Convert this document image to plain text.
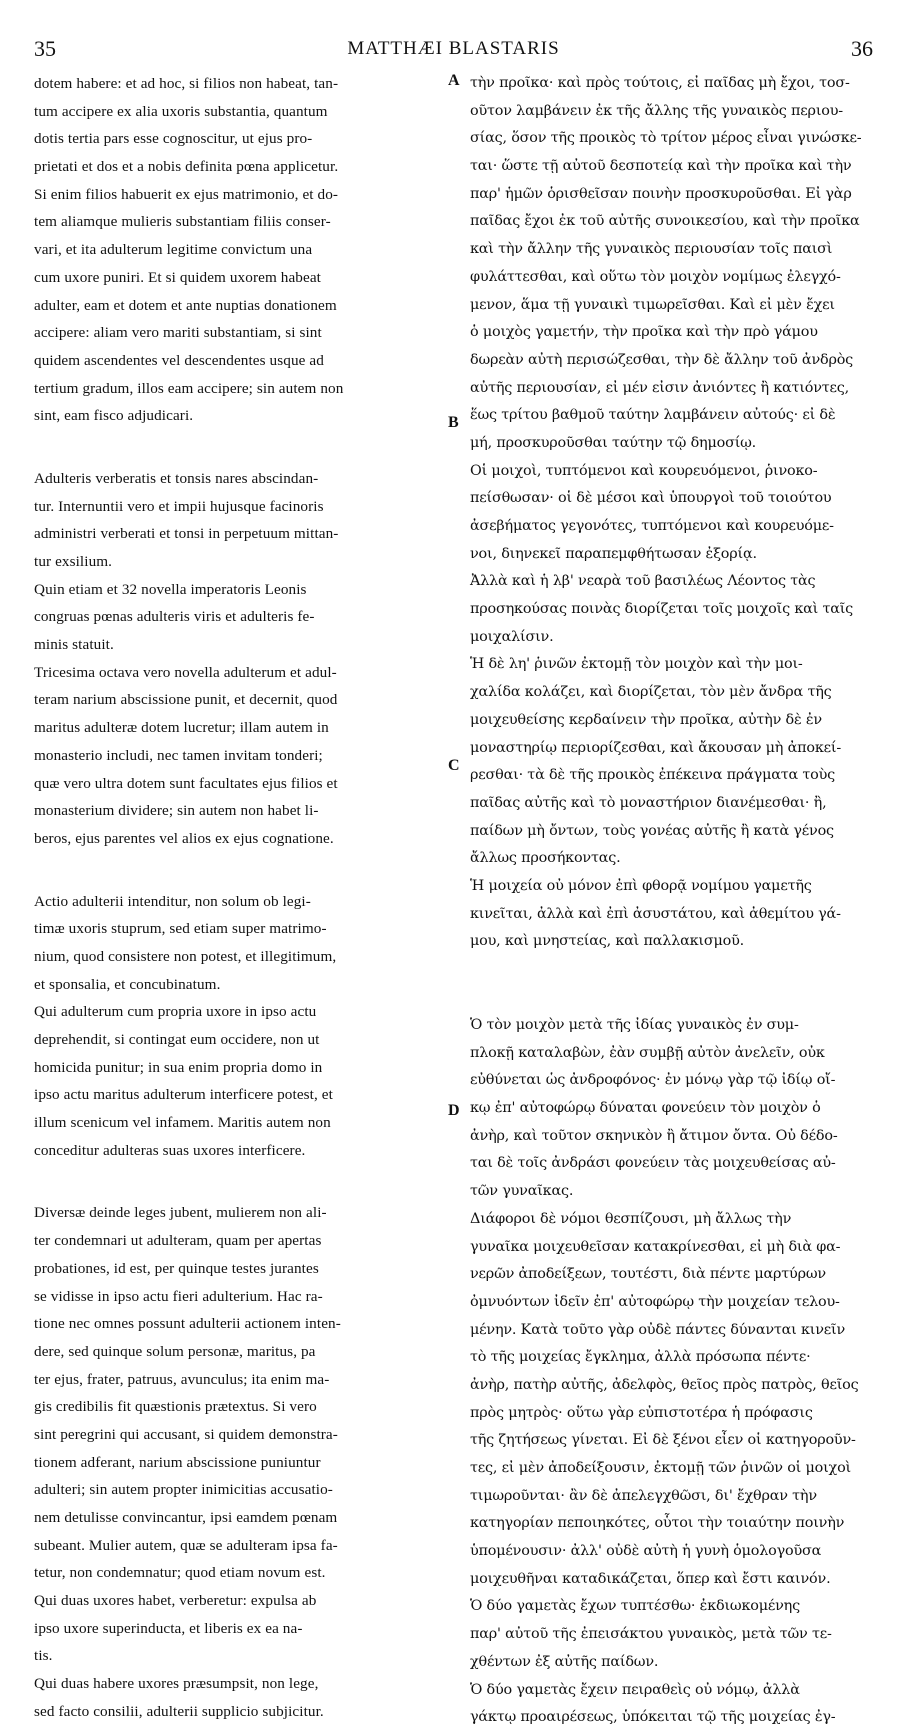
35	MATTHÆI BLASTARIS	36
dotem habere: et ad hoc, si filios non habeat, tan-
tum accipere ex alia uxoris substantia, quantum
dotis tertia pars esse cognoscitur, ut ejus pro-
prietati et dos et a nobis definita pœna applicetur.
Si enim filios habuerit ex ejus matrimonio, et do-
tem aliamque mulieris substantiam filiis conser-
vari, et ita adulterum legitime convictum una
cum uxore puniri. Et si quidem uxorem habeat
adulter, eam et dotem et ante nuptias donationem
accipere: aliam vero mariti substantiam, si sint
quidem ascendentes vel descendentes usque ad
tertium gradum, illos eam accipere; sin autem non
sint, eam fisco adjudicari.
Adulteris verberatis et tonsis nares abscindan-
tur. Internuntii vero et impii hujusque facinoris
administri verberati et tonsi in perpetuum mittan-
tur exsilium.
Quin etiam et 32 novella imperatoris Leonis
congruas pœnas adulteris viris et adulteris fe-
minis statuit.
Tricesima octava vero novella adulterum et adul-
teram narium abscissione punit, et decernit, quod
maritus adulteræ dotem lucretur; illam autem in
monasterio includi, nec tamen invitam tonderi;
quæ vero ultra dotem sunt facultates ejus filios et
monasterium dividere; sin autem non habet li-
beros, ejus parentes vel alios ex ejus cognatione.
Actio adulterii intenditur, non solum ob legi-
timæ uxoris stuprum, sed etiam super matrimo-
nium, quod consistere non potest, et illegitimum,
et sponsalia, et concubinatum.
Qui adulterum cum propria uxore in ipso actu
deprehendit, si contingat eum occidere, non ut
homicida punitur; in sua enim propria domo in
ipso actu maritus adulterum interficere potest, et
illum scenicum vel infamem. Maritis autem non
conceditur adulteras suas uxores interficere.
Diversæ deinde leges jubent, mulierem non ali-
ter condemnari ut adulteram, quam per apertas
probationes, id est, per quinque testes jurantes
se vidisse in ipso actu fieri adulterium. Hac ra-
tione nec omnes possunt adulterii actionem inten-
dere, sed quinque solum personæ, maritus, pa
ter ejus, frater, patruus, avunculus; ita enim ma-
gis credibilis fit quæstionis prætextus. Si vero
sint peregrini qui accusant, si quidem demonstra-
tionem adferant, narium abscissione puniuntur
adulteri; sin autem propter inimicitias accusatio-
nem detulisse convincantur, ipsi eamdem pœnam
subeant. Mulier autem, quæ se adulteram ipsa fa-
tetur, non condemnatur; quod etiam novum est.
Qui duas uxores habet, verberetur: expulsa ab
ipso uxore superinducta, et liberis ex ea na-
tis.
Qui duas habere uxores præsumpsit, non lege,
sed facto consilii, adulterii supplicio subjicitur.
τὴν προῖκα· καὶ πρὸς τούτοις, εἰ παῖδας μὴ ἔχοι, τοσ-
οῦτον λαμβάνειν ἐκ τῆς ἄλλης τῆς γυναικὸς περιου-
σίας, ὅσον τῆς προικὸς τὸ τρίτον μέρος εἶναι γινώσκε-
ται· ὥστε τῇ αὐτοῦ δεσποτείᾳ καὶ τὴν προῖκα καὶ τὴν
παρ' ἡμῶν ὁρισθεῖσαν ποινὴν προσκυροῦσθαι. Εἰ γὰρ
παῖδας ἔχοι ἐκ τοῦ αὐτῆς συνοικεσίου, καὶ τὴν προῖκα
καὶ τὴν ἄλλην τῆς γυναικὸς περιουσίαν τοῖς παισὶ
φυλάττεσθαι, καὶ οὕτω τὸν μοιχὸν νομίμως ἐλεγχό-
μενον, ἅμα τῇ γυναικὶ τιμωρεῖσθαι. Καὶ εἰ μὲν ἔχει
ὁ μοιχὸς γαμετήν, τὴν προῖκα καὶ τὴν πρὸ γάμου
δωρεὰν αὐτὴ περισώζεσθαι, τὴν δὲ ἄλλην τοῦ ἀνδρὸς
αὐτῆς περιουσίαν, εἰ μέν εἰσιν ἀνιόντες ἢ κατιόντες,
ἕως τρίτου βαθμοῦ ταύτην λαμβάνειν αὐτούς· εἰ δὲ
μή, προσκυροῦσθαι ταύτην τῷ δημοσίῳ.
Οἱ μοιχοὶ, τυπτόμενοι καὶ κουρευόμενοι, ῥινοκο-
πείσθωσαν· οἱ δὲ μέσοι καὶ ὑπουργοὶ τοῦ τοιούτου
ἀσεβήματος γεγονότες, τυπτόμενοι καὶ κουρευόμε-
νοι, διηνεκεῖ παραπεμφθήτωσαν ἐξορίᾳ.
Ἀλλὰ καὶ ἡ λβ' νεαρὰ τοῦ βασιλέως Λέοντος τὰς
προσηκούσας ποινὰς διορίζεται τοῖς μοιχοῖς καὶ ταῖς
μοιχαλίσιν.
Ἡ δὲ λη' ῥινῶν ἐκτομῇ τὸν μοιχὸν καὶ τὴν μοι-
χαλίδα κολάζει, καὶ διορίζεται, τὸν μὲν ἄνδρα τῆς
μοιχευθείσης κερδαίνειν τὴν προῖκα, αὐτὴν δὲ ἐν
μοναστηρίῳ περιορίζεσθαι, καὶ ἄκουσαν μὴ ἀποκεί-
ρεσθαι· τὰ δὲ τῆς προικὸς ἐπέκεινα πράγματα τοὺς
παῖδας αὐτῆς καὶ τὸ μοναστήριον διανέμεσθαι· ἢ,
παίδων μὴ ὄντων, τοὺς γονέας αὐτῆς ἢ κατὰ γένος
ἄλλως προσήκοντας.
Ἡ μοιχεία οὐ μόνον ἐπὶ φθορᾷ νομίμου γαμετῆς
κινεῖται, ἀλλὰ καὶ ἐπὶ ἀσυστάτου, καὶ ἀθεμίτου γά-
μου, καὶ μνηστείας, καὶ παλλακισμοῦ.
Ὁ τὸν μοιχὸν μετὰ τῆς ἰδίας γυναικὸς ἐν συμ-
πλοκῇ καταλαβὼν, ἐὰν συμβῇ αὐτὸν ἀνελεῖν, οὐκ
εὐθύνεται ὡς ἀνδροφόνος· ἐν μόνῳ γὰρ τῷ ἰδίῳ οἴ-
κῳ ἐπ' αὐτοφώρῳ δύναται φονεύειν τὸν μοιχὸν ὁ
ἀνὴρ, καὶ τοῦτον σκηνικὸν ἢ ἄτιμον ὄντα. Οὐ δέδο-
ται δὲ τοῖς ἀνδράσι φονεύειν τὰς μοιχευθείσας αὐ-
τῶν γυναῖκας.
Διάφοροι δὲ νόμοι θεσπίζουσι, μὴ ἄλλως τὴν
γυναῖκα μοιχευθεῖσαν κατακρίνεσθαι, εἰ μὴ διὰ φα-
νερῶν ἀποδείξεων, τουτέστι, διὰ πέντε μαρτύρων
ὀμνυόντων ἰδεῖν ἐπ' αὐτοφώρῳ τὴν μοιχείαν τελου-
μένην. Κατὰ τοῦτο γὰρ οὐδὲ πάντες δύνανται κινεῖν
τὸ τῆς μοιχείας ἔγκλημα, ἀλλὰ πρόσωπα πέντε·
ἀνὴρ, πατὴρ αὐτῆς, ἀδελφὸς, θεῖος πρὸς πατρὸς, θεῖος
πρὸς μητρὸς· οὕτω γὰρ εὐπιστοτέρα ἡ πρόφασις
τῆς ζητήσεως γίνεται. Εἰ δὲ ξένοι εἶεν οἱ κατηγοροῦν-
τες, εἰ μὲν ἀποδείξουσιν, ἐκτομῇ τῶν ῥινῶν οἱ μοιχοὶ
τιμωροῦνται· ἂν δὲ ἀπελεγχθῶσι, δι' ἔχθραν τὴν
κατηγορίαν πεποιηκότες, οὗτοι τὴν τοιαύτην ποινὴν
ὑπομένουσιν· ἀλλ' οὐδὲ αὐτὴ ἡ γυνὴ ὁμολογοῦσα
μοιχευθῆναι καταδικάζεται, ὅπερ καὶ ἔστι καινόν.
Ὁ δύο γαμετὰς ἔχων τυπτέσθω· ἐκδιωκομένης
παρ' αὐτοῦ τῆς ἐπεισάκτου γυναικὸς, μετὰ τῶν τε-
χθέντων ἐξ αὐτῆς παίδων.
Ὁ δύο γαμετὰς ἔχειν πειραθεὶς οὐ νόμῳ, ἀλλὰ
γάκτῳ προαιρέσεως, ὑπόκειται τῷ τῆς μοιχείας ἐγ-
A
B
C
D
